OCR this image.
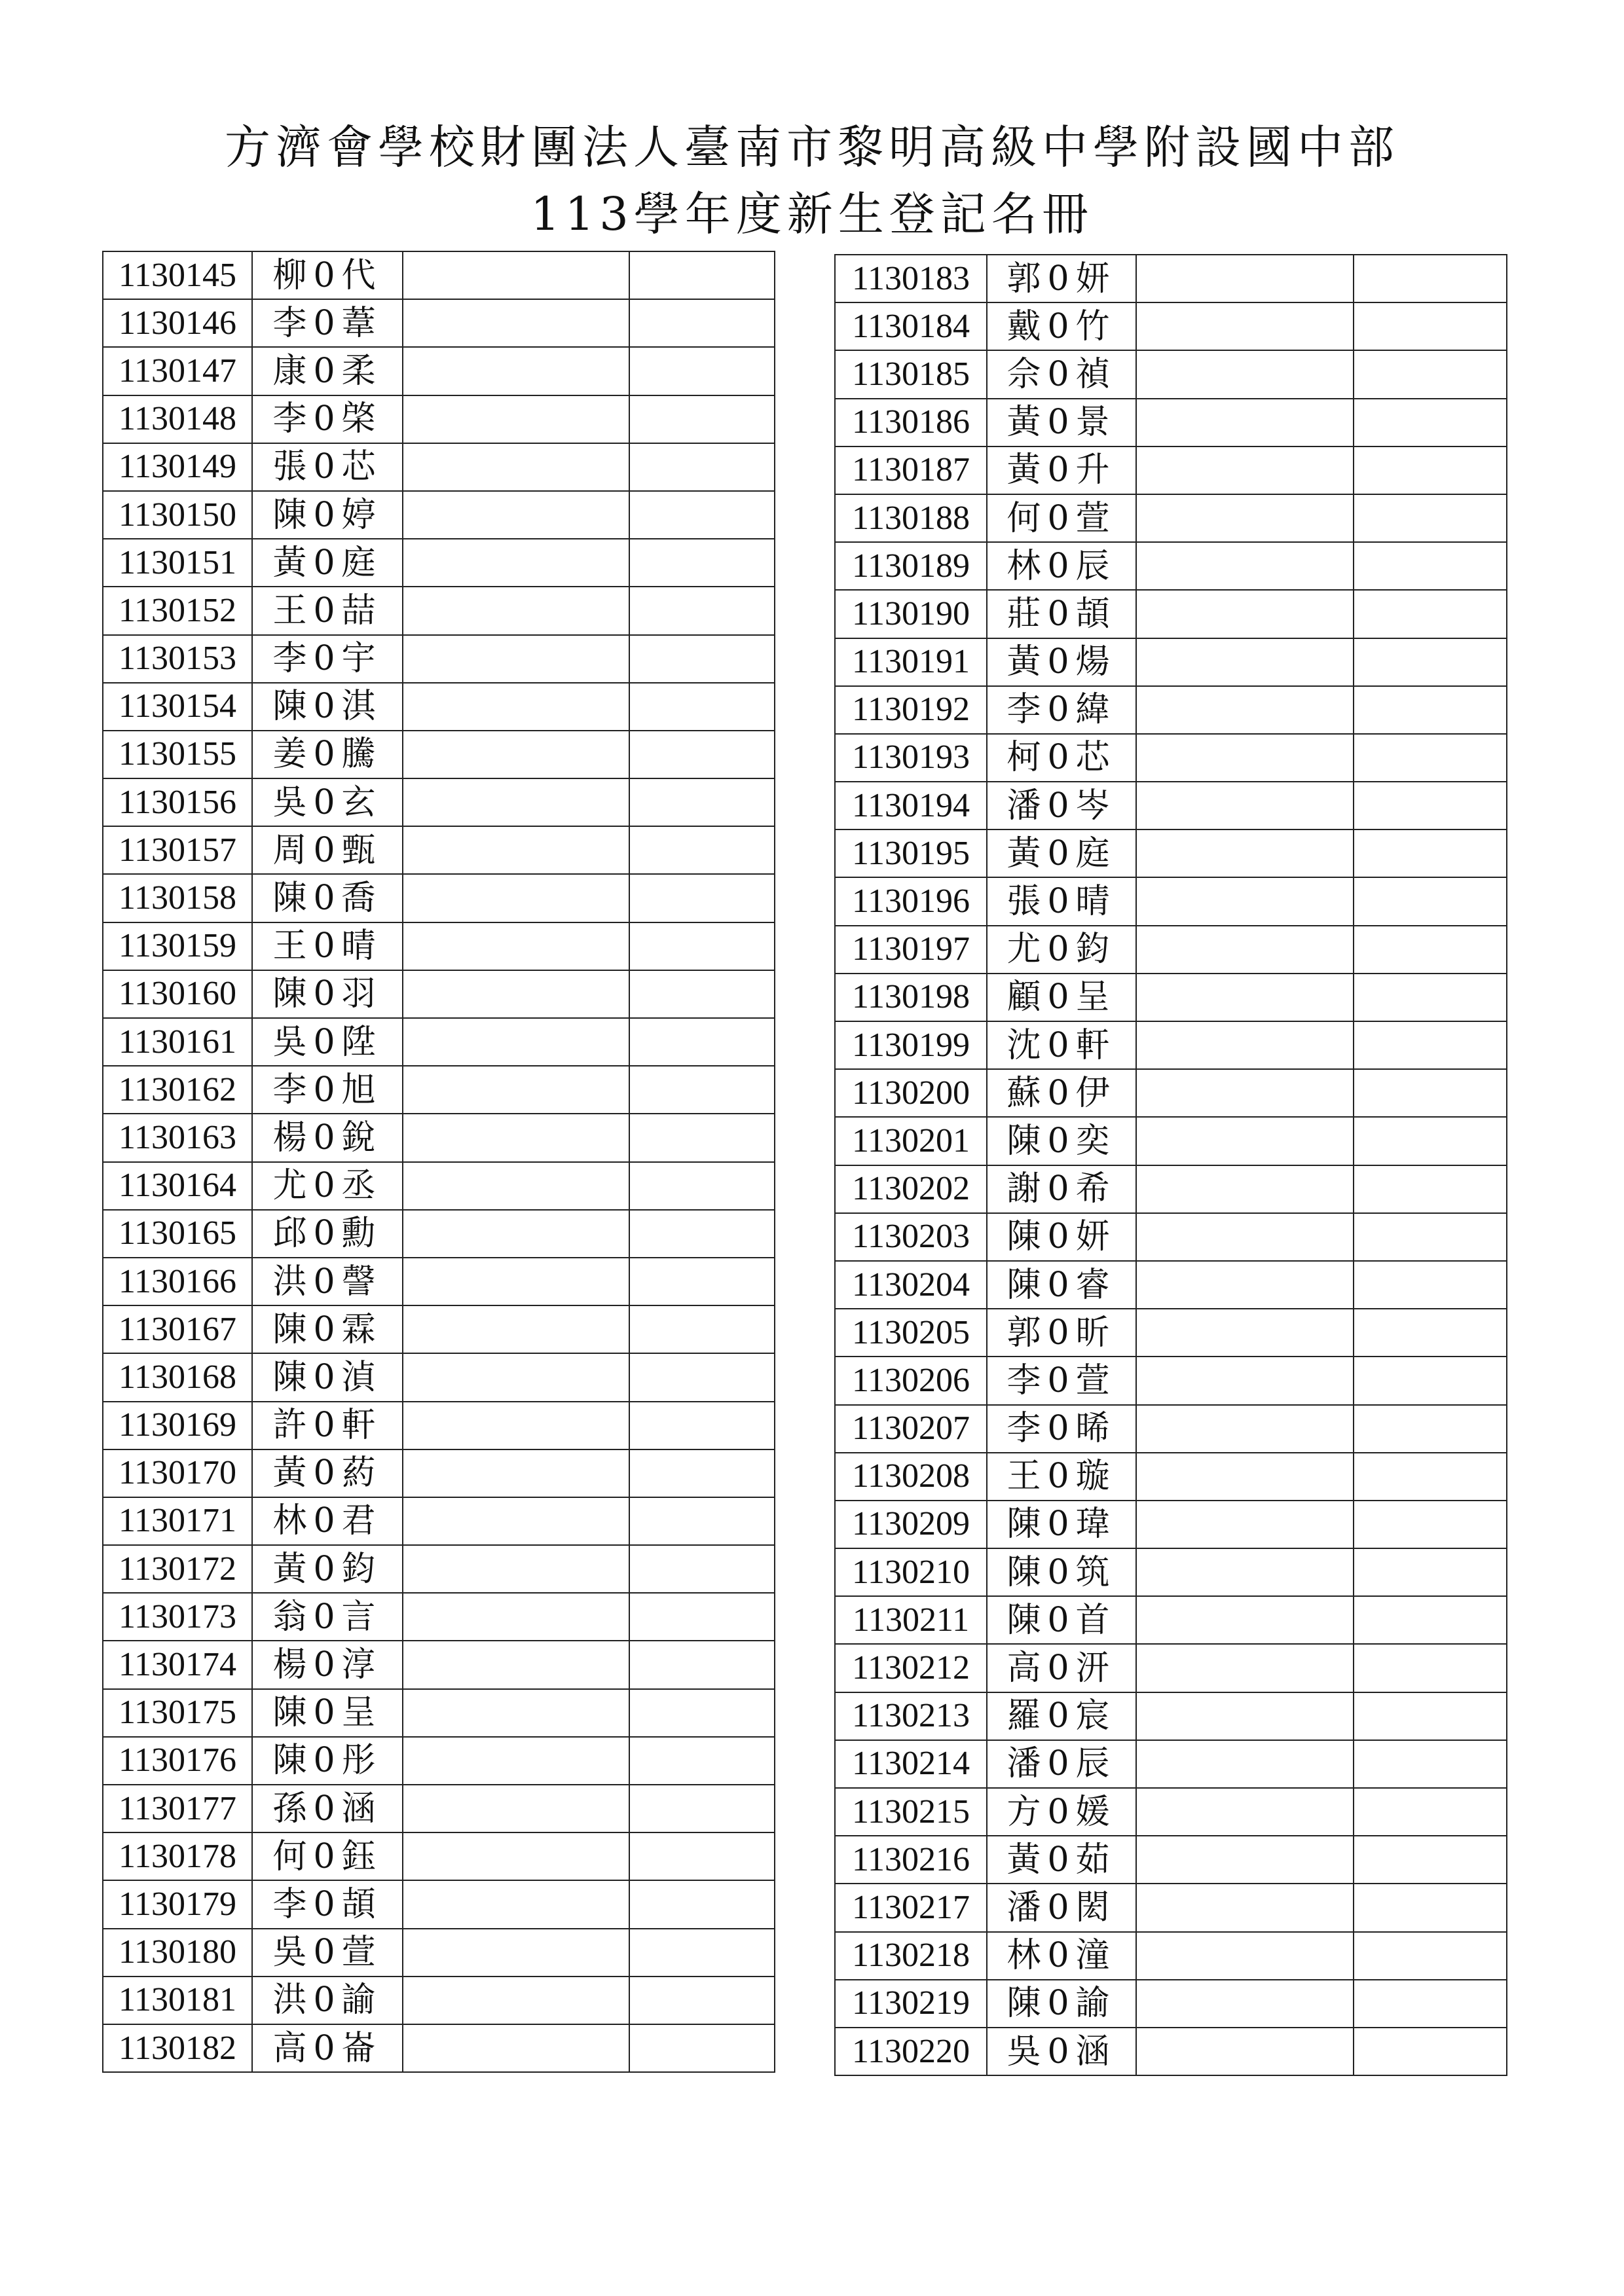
方濟會學校財團法人臺南市黎明高級中學附設國中部
113學年度新生登記名冊
1130145	柳0代		
1130146	李0葦		
1130147	康0柔		
1130148	李0棨		
1130149	張0芯		
1130150	陳0婷		
1130151	黃0庭		
1130152	王0喆		
1130153	李0宇		
1130154	陳0淇		
1130155	姜0騰		
1130156	吳0玄		
1130157	周0甄		
1130158	陳0喬		
1130159	王0晴		
1130160	陳0羽		
1130161	吳0陞		
1130162	李0旭		
1130163	楊0銳		
1130164	尤0丞		
1130165	邱0勳		
1130166	洪0謦		
1130167	陳0霖		
1130168	陳0湞		
1130169	許0軒		
1130170	黃0葯		
1130171	林0君		
1130172	黃0鈞		
1130173	翁0言		
1130174	楊0淳		
1130175	陳0呈		
1130176	陳0彤		
1130177	孫0涵		
1130178	何0鈺		
1130179	李0頡		
1130180	吳0萱		
1130181	洪0諭		
1130182	高0崙		
1130183	郭0妍		
1130184	戴0竹		
1130185	佘0禎		
1130186	黃0景		
1130187	黃0升		
1130188	何0萱		
1130189	林0辰		
1130190	莊0頡		
1130191	黃0煬		
1130192	李0緯		
1130193	柯0芯		
1130194	潘0岑		
1130195	黃0庭		
1130196	張0晴		
1130197	尤0鈞		
1130198	顧0呈		
1130199	沈0軒		
1130200	蘇0伊		
1130201	陳0奕		
1130202	謝0希		
1130203	陳0妍		
1130204	陳0睿		
1130205	郭0昕		
1130206	李0萱		
1130207	李0晞		
1130208	王0璇		
1130209	陳0瑋		
1130210	陳0筑		
1130211	陳0首		
1130212	高0汧		
1130213	羅0宸		
1130214	潘0辰		
1130215	方0媛		
1130216	黃0茹		
1130217	潘0閎		
1130218	林0潼		
1130219	陳0諭		
1130220	吳0涵		
